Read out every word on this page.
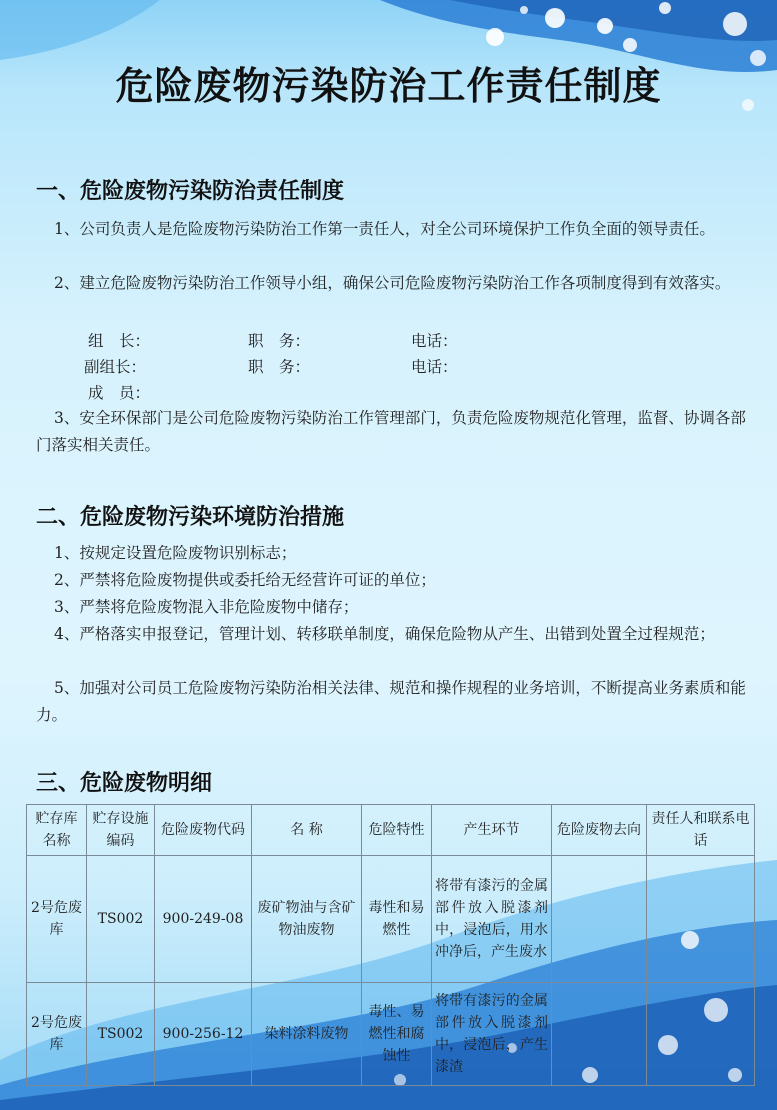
危险废物污染防治工作责任制度
一、危险废物污染防治责任制度
1、公司负责人是危险废物污染防治工作第一责任人，对全公司环境保护工作负全面的领导责任。
2、建立危险废物污染防治工作领导小组，确保公司危险废物污染防治工作各项制度得到有效落实。
组　长：	职　务：	电话：
副组长：	职　务：	电话：
成　员：
3、安全环保部门是公司危险废物污染防治工作管理部门，负责危险废物规范化管理，监督、协调各部门落实相关责任。
二、危险废物污染环境防治措施
1、按规定设置危险废物识别标志；
2、严禁将危险废物提供或委托给无经营许可证的单位；
3、严禁将危险废物混入非危险废物中储存；
4、严格落实申报登记，管理计划、转移联单制度，确保危险物从产生、出错到处置全过程规范；
5、加强对公司员工危险废物污染防治相关法律、规范和操作规程的业务培训，不断提高业务素质和能力。
三、危险废物明细
贮存库名称	贮存设施编码	危险废物代码	名 称	危险特性	产生环节	危险废物去向	责任人和联系电话
2号危废库	TS002	900-249-08	废矿物油与含矿物油废物	毒性和易燃性	将带有漆污的金属部件放入脱漆剂中，浸泡后，用水冲净后，产生废水		
2号危废库	TS002	900-256-12	染料涂料废物	毒性、易燃性和腐蚀性	将带有漆污的金属部件放入脱漆剂中，浸泡后，产生漆渣		
